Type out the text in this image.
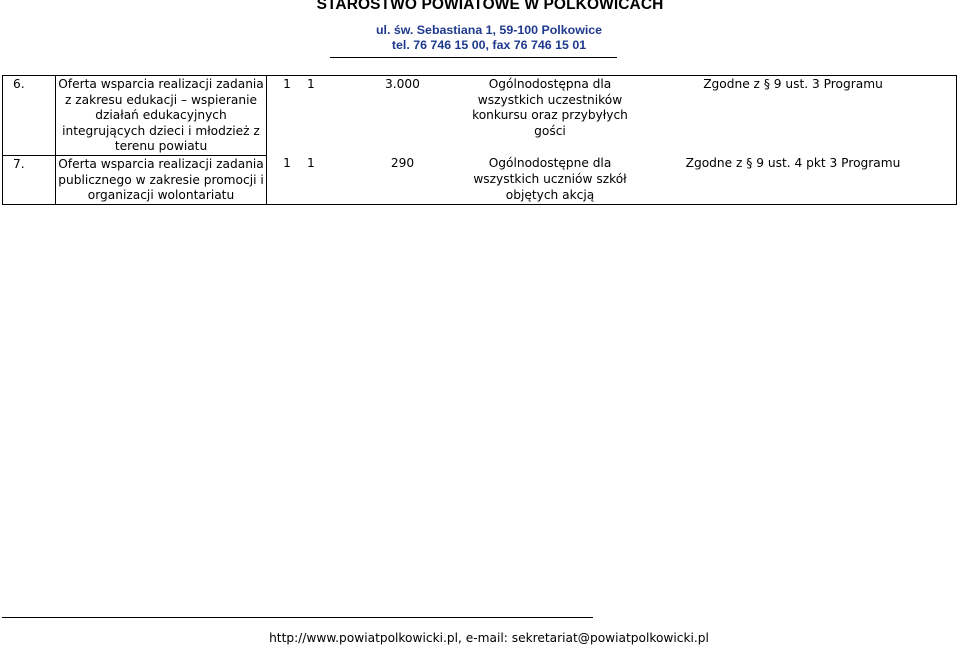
STAROSTWO POWIATOWE W POLKOWICACH
ul. św. Sebastiana 1, 59-100 Polkowice
tel. 76 746 15 00, fax 76 746 15 01
6.	Oferta wsparcia realizacji zadania z zakresu edukacji – wspieranie działań edukacyjnych integrujących dzieci i młodzież z terenu powiatu	1	1	3.000	Ogólnodostępna dla wszystkich uczestników konkursu oraz przybyłych gości	Zgodne z § 9 ust. 3 Programu
7.	Oferta wsparcia realizacji zadania publicznego w zakresie promocji i organizacji wolontariatu	1	1	290	Ogólnodostępne dla wszystkich uczniów szkół objętych akcją	Zgodne z § 9 ust. 4 pkt 3 Programu
http://www.powiatpolkowicki.pl, e-mail: sekretariat@powiatpolkowicki.pl
